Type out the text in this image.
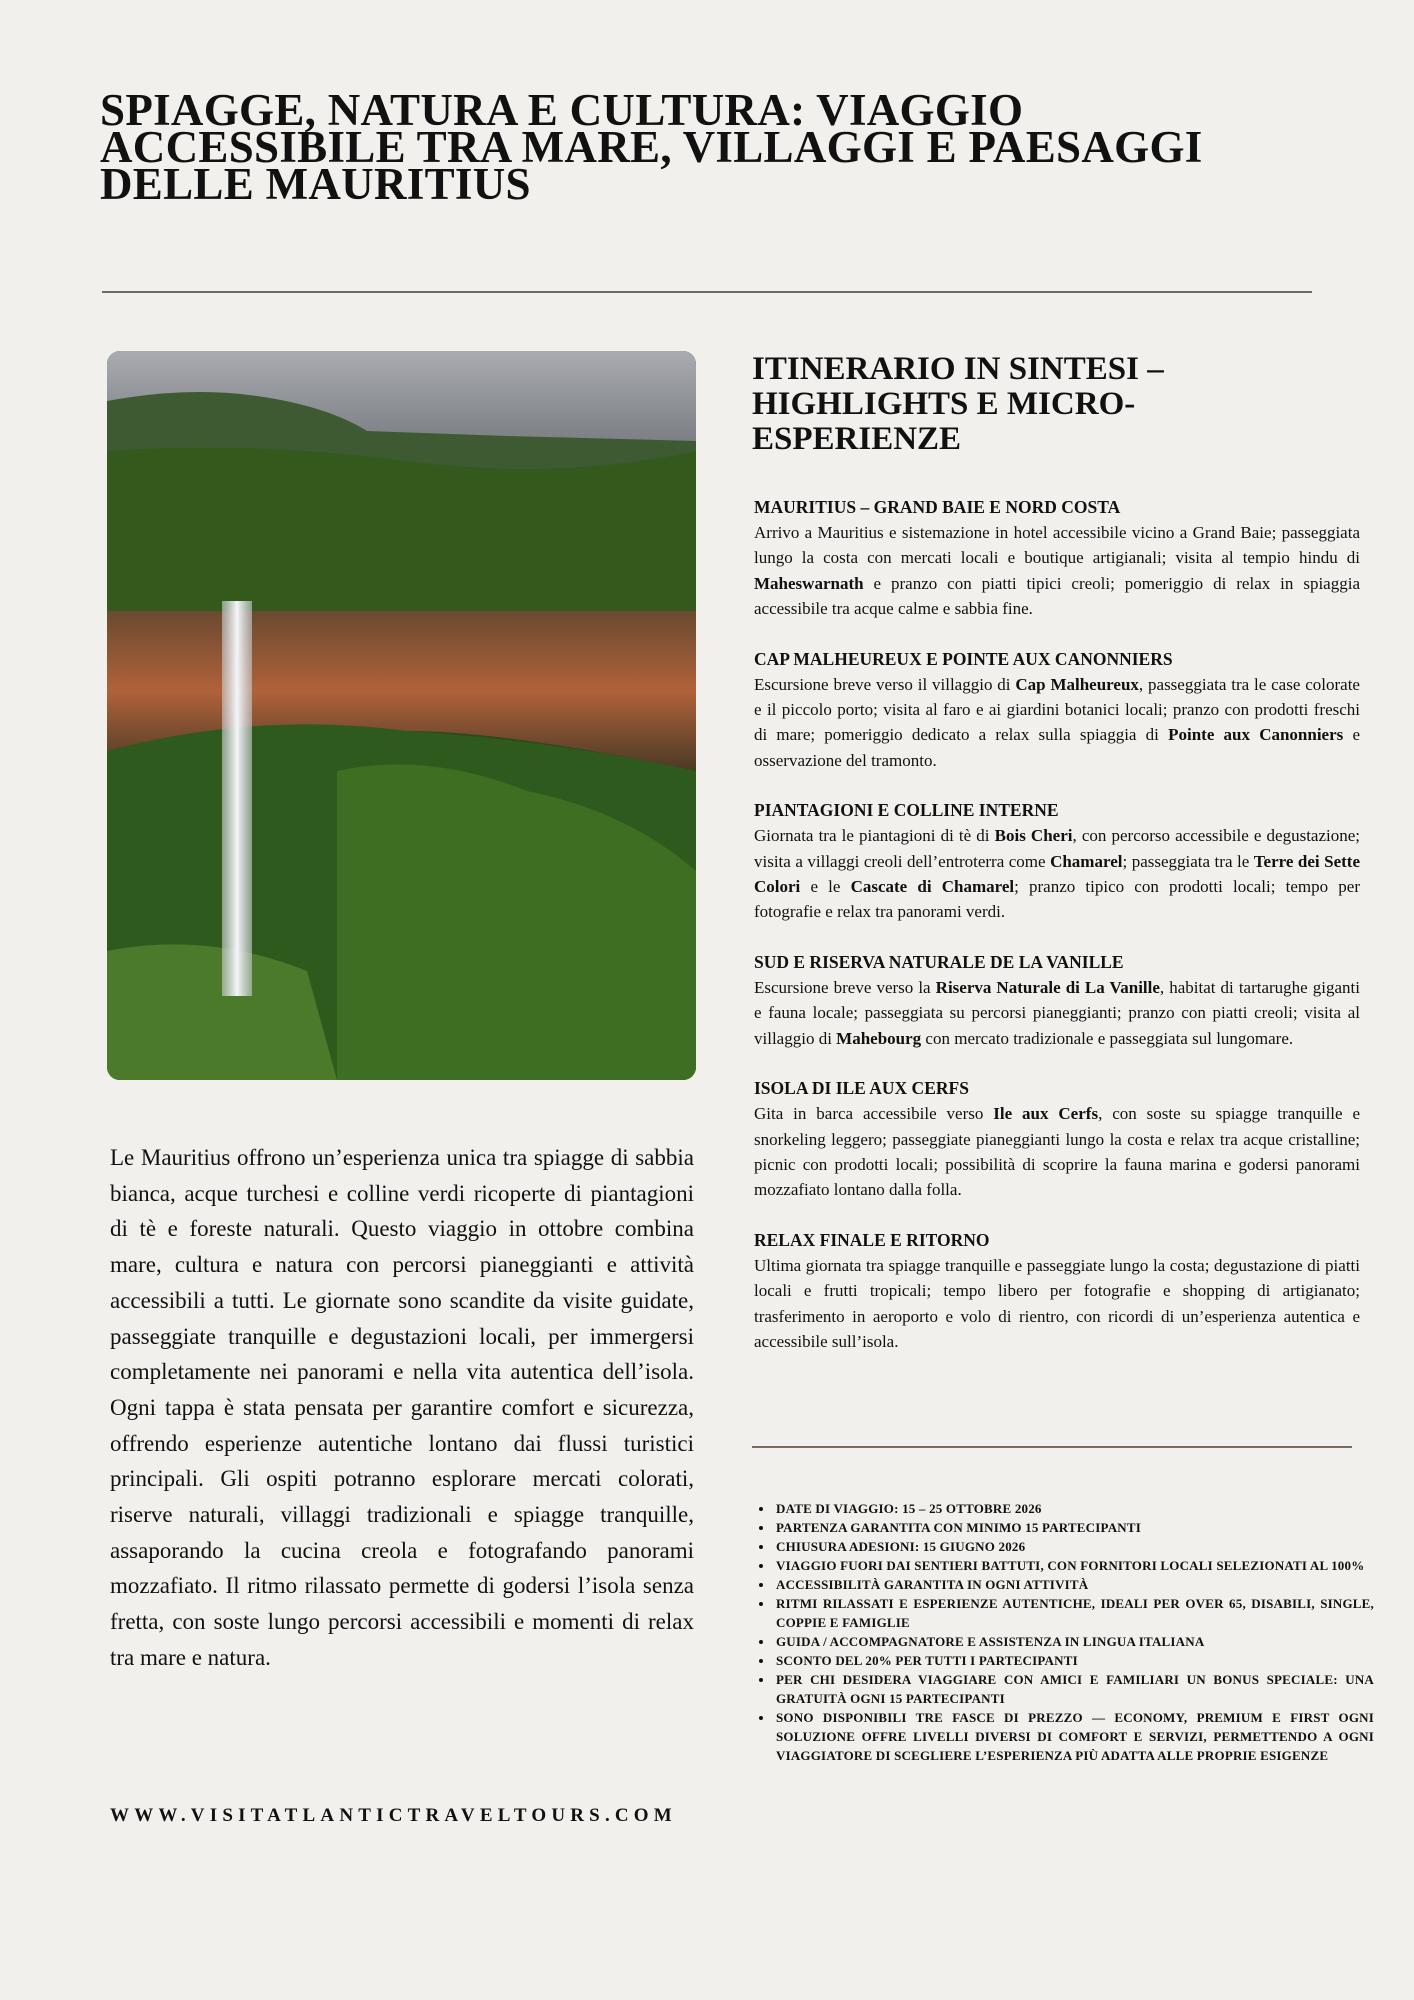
SPIAGGE, NATURA E CULTURA: VIAGGIO ACCESSIBILE TRA MARE, VILLAGGI E PAESAGGI DELLE MAURITIUS

Le Mauritius offrono un’esperienza unica tra spiagge di sabbia bianca, acque turchesi e colline verdi ricoperte di piantagioni di tè e foreste naturali. Questo viaggio in ottobre combina mare, cultura e natura con percorsi pianeggianti e attività accessibili a tutti. Le giornate sono scandite da visite guidate, passeggiate tranquille e degustazioni locali, per immergersi completamente nei panorami e nella vita autentica dell’isola. Ogni tappa è stata pensata per garantire comfort e sicurezza, offrendo esperienze autentiche lontano dai flussi turistici principali. Gli ospiti potranno esplorare mercati colorati, riserve naturali, villaggi tradizionali e spiagge tranquille, assaporando la cucina creola e fotografando panorami mozzafiato. Il ritmo rilassato permette di godersi l’isola senza fretta, con soste lungo percorsi accessibili e momenti di relax tra mare e natura.

WWW.VISITATLANTICTRAVELTOURS.COM
ITINERARIO IN SINTESI – HIGHLIGHTS E MICRO-ESPERIENZE
MAURITIUS – GRAND BAIE E NORD COSTA

Arrivo a Mauritius e sistemazione in hotel accessibile vicino a Grand Baie; passeggiata lungo la costa con mercati locali e boutique artigianali; visita al tempio hindu di Maheswarnath e pranzo con piatti tipici creoli; pomeriggio di relax in spiaggia accessibile tra acque calme e sabbia fine.

CAP MALHEUREUX E POINTE AUX CANONNIERS

Escursione breve verso il villaggio di Cap Malheureux, passeggiata tra le case colorate e il piccolo porto; visita al faro e ai giardini botanici locali; pranzo con prodotti freschi di mare; pomeriggio dedicato a relax sulla spiaggia di Pointe aux Canonniers e osservazione del tramonto.

PIANTAGIONI E COLLINE INTERNE

Giornata tra le piantagioni di tè di Bois Cheri, con percorso accessibile e degustazione; visita a villaggi creoli dell’entroterra come Chamarel; passeggiata tra le Terre dei Sette Colori e le Cascate di Chamarel; pranzo tipico con prodotti locali; tempo per fotografie e relax tra panorami verdi.

SUD E RISERVA NATURALE DE LA VANILLE

Escursione breve verso la Riserva Naturale di La Vanille, habitat di tartarughe giganti e fauna locale; passeggiata su percorsi pianeggianti; pranzo con piatti creoli; visita al villaggio di Mahebourg con mercato tradizionale e passeggiata sul lungomare.

ISOLA DI ILE AUX CERFS

Gita in barca accessibile verso Ile aux Cerfs, con soste su spiagge tranquille e snorkeling leggero; passeggiate pianeggianti lungo la costa e relax tra acque cristalline; picnic con prodotti locali; possibilità di scoprire la fauna marina e godersi panorami mozzafiato lontano dalla folla.

RELAX FINALE E RITORNO

Ultima giornata tra spiagge tranquille e passeggiate lungo la costa; degustazione di piatti locali e frutti tropicali; tempo libero per fotografie e shopping di artigianato; trasferimento in aeroporto e volo di rientro, con ricordi di un’esperienza autentica e accessibile sull’isola.

• DATE DI VIAGGIO: 15 – 25 OTTOBRE 2026
• PARTENZA GARANTITA CON MINIMO 15 PARTECIPANTI
• CHIUSURA ADESIONI: 15 GIUGNO 2026
• VIAGGIO FUORI DAI SENTIERI BATTUTI, CON FORNITORI LOCALI SELEZIONATI AL 100%
• ACCESSIBILITÀ GARANTITA IN OGNI ATTIVITÀ
• RITMI RILASSATI E ESPERIENZE AUTENTICHE, IDEALI PER OVER 65, DISABILI, SINGLE, COPPIE E FAMIGLIE
• GUIDA / ACCOMPAGNATORE E ASSISTENZA IN LINGUA ITALIANA
• SCONTO DEL 20% PER TUTTI I PARTECIPANTI
• PER CHI DESIDERA VIAGGIARE CON AMICI E FAMILIARI UN BONUS SPECIALE: UNA GRATUITÀ OGNI 15 PARTECIPANTI
• SONO DISPONIBILI TRE FASCE DI PREZZO — ECONOMY, PREMIUM E FIRST OGNI SOLUZIONE OFFRE LIVELLI DIVERSI DI COMFORT E SERVIZI, PERMETTENDO A OGNI VIAGGIATORE DI SCEGLIERE L’ESPERIENZA PIÙ ADATTA ALLE PROPRIE ESIGENZE
